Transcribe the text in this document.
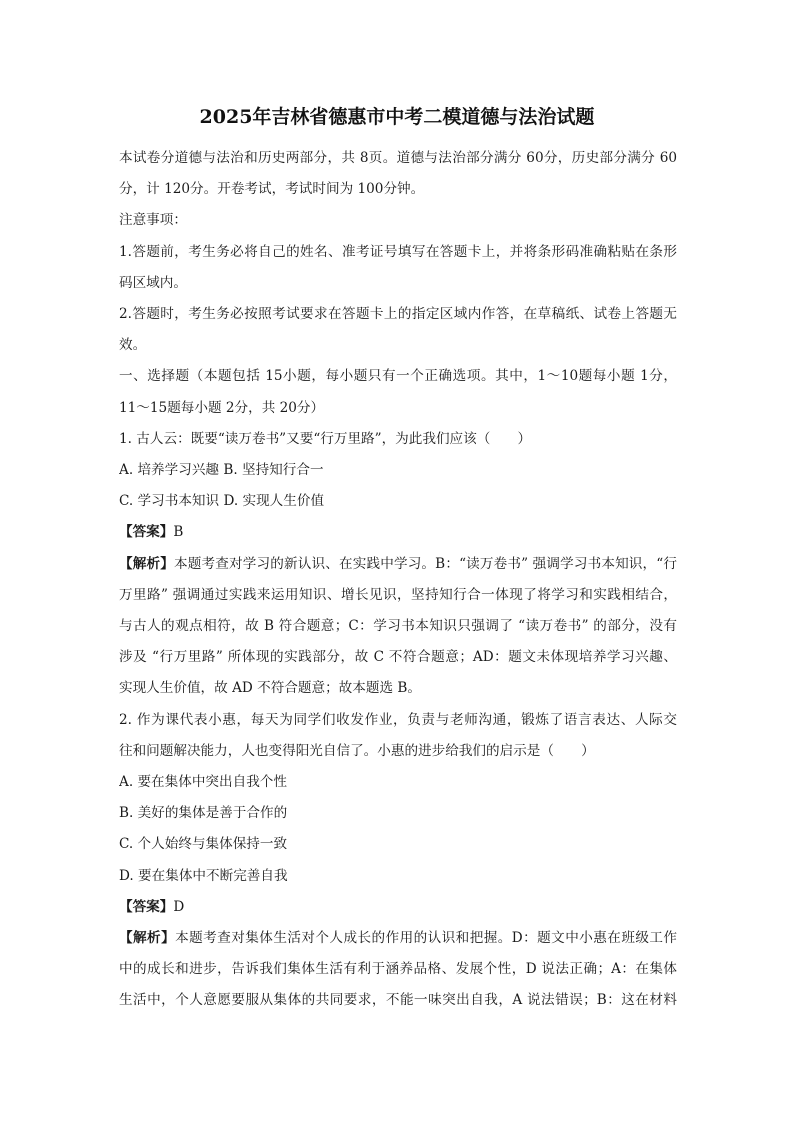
2025年吉林省德惠市中考二模道德与法治试题

本试卷分道德与法治和历史两部分，共 8页。道德与法治部分满分 60分，历史部分满分 60

分，计 120分。开卷考试，考试时间为 100分钟。

注意事项：

1.答题前，考生务必将自己的姓名、准考证号填写在答题卡上，并将条形码准确粘贴在条形

码区域内。

2.答题时，考生务必按照考试要求在答题卡上的指定区域内作答，在草稿纸、试卷上答题无

效。

一、选择题（本题包括 15小题，每小题只有一个正确选项。其中，1～10题每小题 1分，

11～15题每小题 2分，共 20分）

1. 古人云：既要“读万卷书”又要“行万里路”，为此我们应该（　　）

A. 培养学习兴趣 B. 坚持知行合一

C. 学习书本知识 D. 实现人生价值

【答案】B

【解析】本题考查对学习的新认识、在实践中学习。B：“读万卷书” 强调学习书本知识，“行

万里路” 强调通过实践来运用知识、增长见识，坚持知行合一体现了将学习和实践相结合，

与古人的观点相符，故 B 符合题意；C：学习书本知识只强调了 “读万卷书” 的部分，没有

涉及 “行万里路” 所体现的实践部分，故 C 不符合题意；AD：题文未体现培养学习兴趣、

实现人生价值，故 AD 不符合题意；故本题选 B。

2. 作为课代表小惠，每天为同学们收发作业，负责与老师沟通，锻炼了语言表达、人际交

往和问题解决能力，人也变得阳光自信了。小惠的进步给我们的启示是（　　）

A. 要在集体中突出自我个性

B. 美好的集体是善于合作的

C. 个人始终与集体保持一致

D. 要在集体中不断完善自我

【答案】D

【解析】本题考查对集体生活对个人成长的作用的认识和把握。D：题文中小惠在班级工作

中的成长和进步，告诉我们集体生活有利于涵养品格、发展个性，D 说法正确；A：在集体

生活中，个人意愿要服从集体的共同要求，不能一味突出自我，A 说法错误；B：这在材料
